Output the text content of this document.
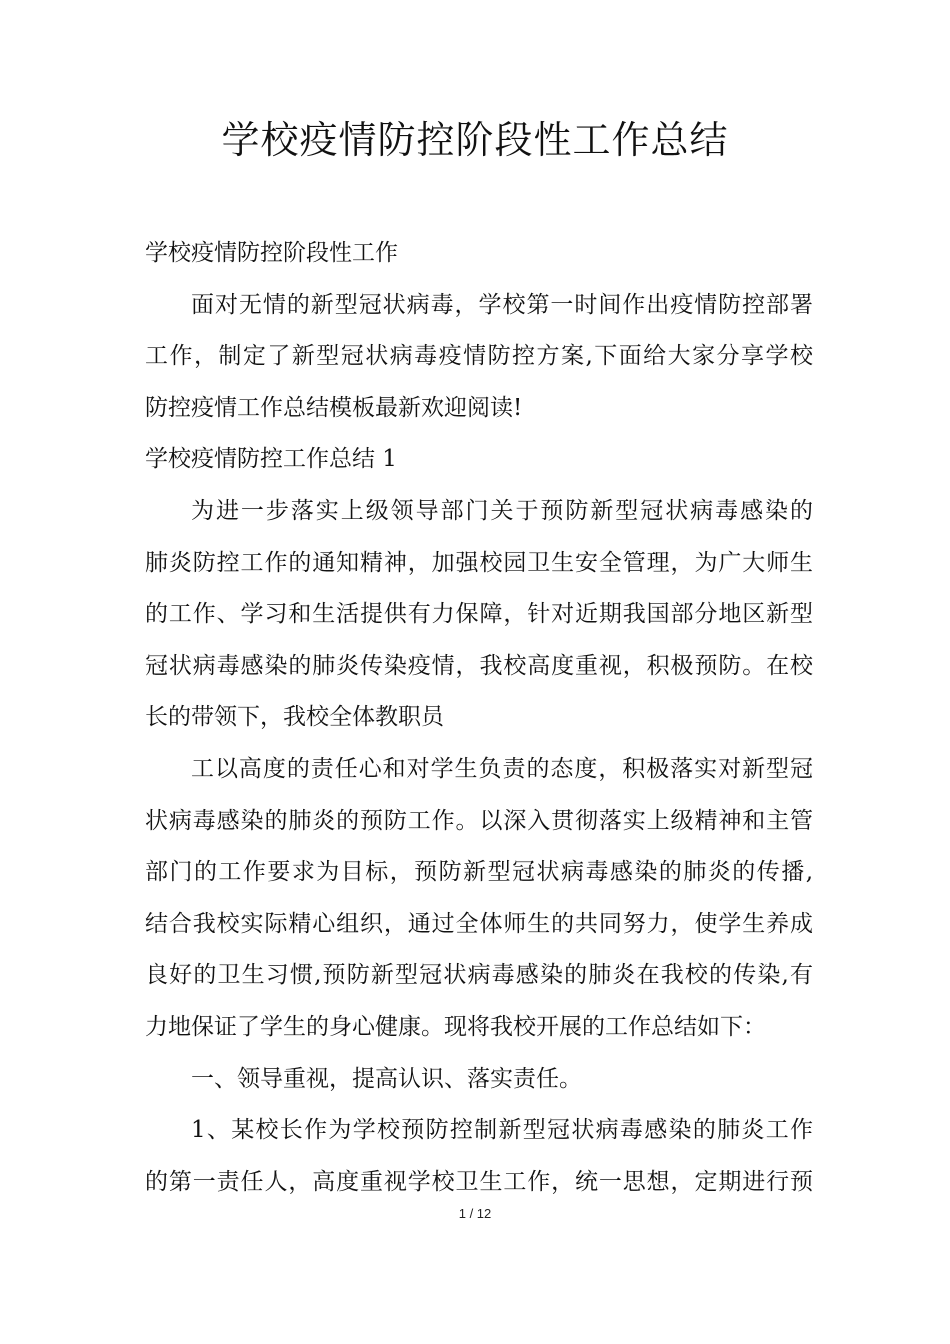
学校疫情防控阶段性工作总结
学校疫情防控阶段性工作
面对无情的新型冠状病毒，学校第一时间作出疫情防控部署
工作，制定了新型冠状病毒疫情防控方案,下面给大家分享学校
防控疫情工作总结模板最新欢迎阅读!
学校疫情防控工作总结 1
为进一步落实上级领导部门关于预防新型冠状病毒感染的
肺炎防控工作的通知精神，加强校园卫生安全管理，为广大师生
的工作、学习和生活提供有力保障，针对近期我国部分地区新型
冠状病毒感染的肺炎传染疫情，我校高度重视，积极预防。在校
长的带领下，我校全体教职员
工以高度的责任心和对学生负责的态度，积极落实对新型冠
状病毒感染的肺炎的预防工作。以深入贯彻落实上级精神和主管
部门的工作要求为目标，预防新型冠状病毒感染的肺炎的传播,
结合我校实际精心组织，通过全体师生的共同努力，使学生养成
良好的卫生习惯,预防新型冠状病毒感染的肺炎在我校的传染,有
力地保证了学生的身心健康。现将我校开展的工作总结如下：
一、领导重视，提高认识、落实责任。
1、某校长作为学校预防控制新型冠状病毒感染的肺炎工作
的第一责任人，高度重视学校卫生工作，统一思想，定期进行预
1 / 12
